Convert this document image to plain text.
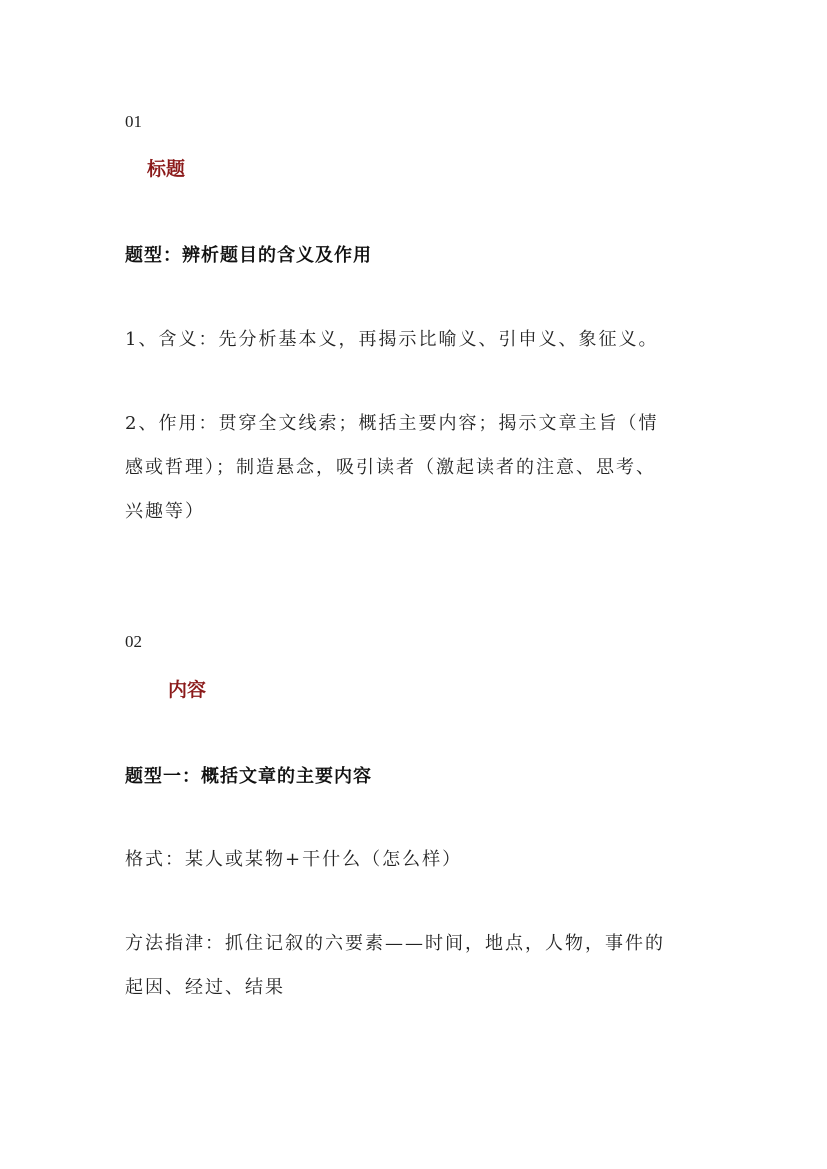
01
标题
题型：辨析题目的含义及作用
1、含义：先分析基本义，再揭示比喻义、引申义、象征义。
2、作用：贯穿全文线索；概括主要内容；揭示文章主旨（情
感或哲理）；制造悬念，吸引读者（激起读者的注意、思考、
兴趣等）
02
内容
题型一：概括文章的主要内容
格式：某人或某物+干什么（怎么样）
方法指津：抓住记叙的六要素——时间，地点，人物，事件的
起因、经过、结果
